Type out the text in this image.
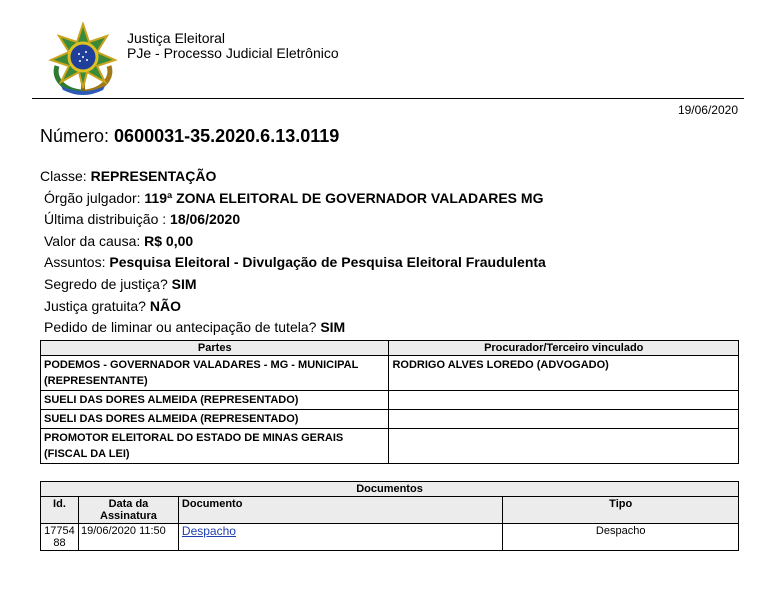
Justiça Eleitoral
PJe - Processo Judicial Eletrônico
19/06/2020
Número: 0600031-35.2020.6.13.0119
Classe: REPRESENTAÇÃO
Órgão julgador: 119ª ZONA ELEITORAL DE GOVERNADOR VALADARES MG
Última distribuição : 18/06/2020
Valor da causa: R$ 0,00
Assuntos: Pesquisa Eleitoral - Divulgação de Pesquisa Eleitoral Fraudulenta
Segredo de justiça? SIM
Justiça gratuita? NÃO
Pedido de liminar ou antecipação de tutela? SIM
Partes	Procurador/Terceiro vinculado
PODEMOS - GOVERNADOR VALADARES - MG - MUNICIPAL (REPRESENTANTE)	RODRIGO ALVES LOREDO (ADVOGADO)
SUELI DAS DORES ALMEIDA (REPRESENTADO)	
SUELI DAS DORES ALMEIDA (REPRESENTADO)	
PROMOTOR ELEITORAL DO ESTADO DE MINAS GERAIS (FISCAL DA LEI)	
Documentos			
Id.	Data da Assinatura	Documento	Tipo
1775488	19/06/2020 11:50	Despacho	Despacho
